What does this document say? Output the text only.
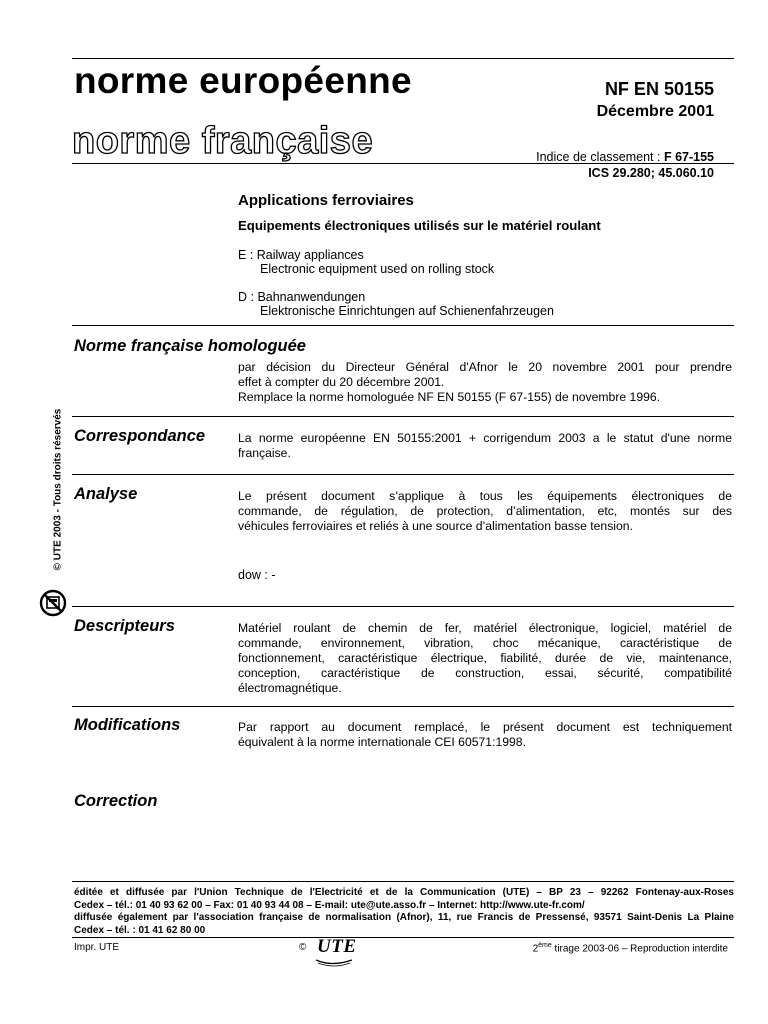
norme européenne
norme française
NF EN 50155
Décembre 2001
Indice de classement : F 67-155
ICS 29.280; 45.060.10
Applications ferroviaires
Equipements électroniques utilisés sur le matériel roulant
E : Railway appliances
Electronic equipment used on rolling stock
D : Bahnanwendungen
Elektronische Einrichtungen auf Schienenfahrzeugen
Norme française homologuée
par décision du Directeur Général d'Afnor le 20 novembre 2001 pour prendre
effet à compter du 20 décembre 2001.
Remplace la norme homologuée NF EN 50155 (F 67-155) de novembre 1996.
Correspondance	La norme européenne EN 50155:2001 + corrigendum 2003 a le statut d'une norme
française.
Analyse	Le présent document s’applique à tous les équipements électroniques de
commande, de régulation, de protection, d’alimentation, etc, montés sur des
véhicules ferroviaires et reliés à une source d’alimentation basse tension.
dow : -
Descripteurs	Matériel roulant de chemin de fer, matériel électronique, logiciel, matériel de
commande, environnement, vibration, choc mécanique, caractéristique de
fonctionnement, caractéristique électrique, fiabilité, durée de vie, maintenance,
conception, caractéristique de construction, essai, sécurité, compatibilité
électromagnétique.
Modifications	Par rapport au document remplacé, le présent document est techniquement
équivalent à la norme internationale CEI 60571:1998.
Correction
éditée et diffusée par l'Union Technique de l'Electricité et de la Communication (UTE) – BP 23 – 92262 Fontenay-aux-Roses
Cedex – tél.: 01 40 93 62 00 – Fax: 01 40 93 44 08 – E-mail: ute@ute.asso.fr – Internet: http://www.ute-fr.com/
diffusée également par l'association française de normalisation (Afnor), 11, rue Francis de Pressensé, 93571 Saint-Denis La Plaine
Cedex – tél. : 01 41 62 80 00
Impr. UTE	© UTE	2ème tirage 2003-06 – Reproduction interdite
© UTE 2003 - Tous droits réservés
